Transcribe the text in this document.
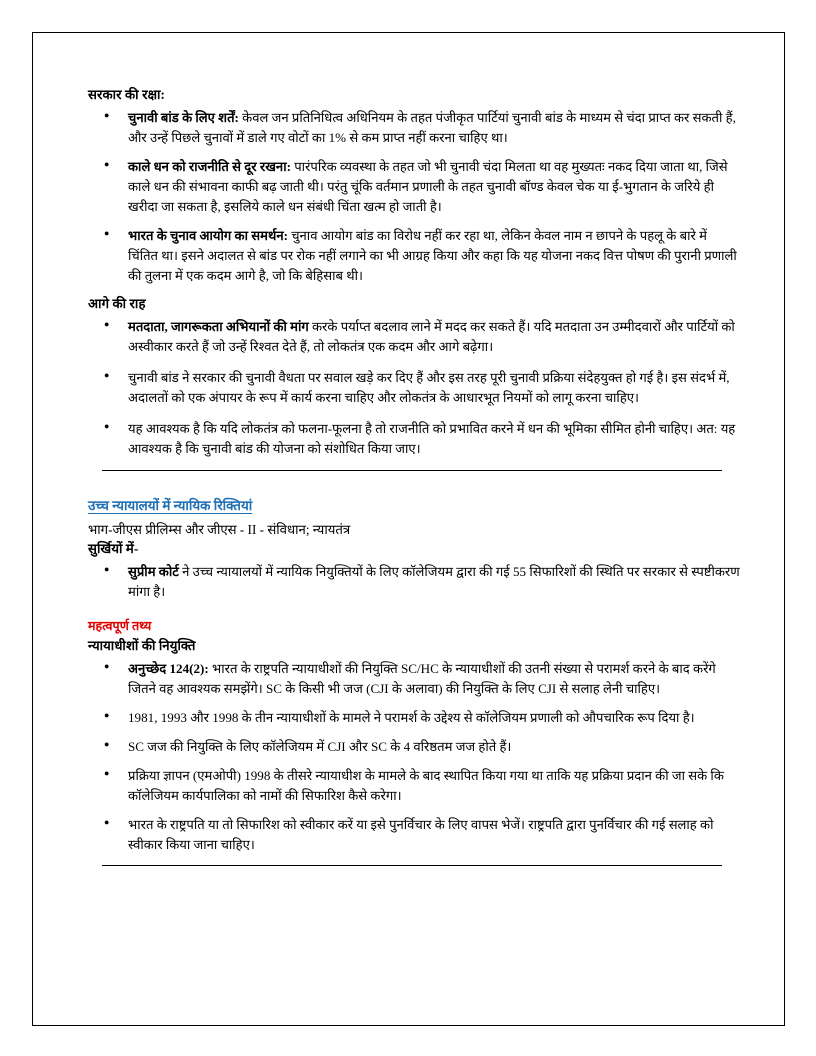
सरकार की रक्षा:
● चुनावी बांड के लिए शर्तें: केवल जन प्रतिनिधित्व अधिनियम के तहत पंजीकृत पार्टियां चुनावी बांड के माध्यम से चंदा प्राप्त कर सकती हैं, और उन्हें पिछले चुनावों में डाले गए वोटों का 1% से कम प्राप्त नहीं करना चाहिए था।
● काले धन को राजनीति से दूर रखना: पारंपरिक व्यवस्था के तहत जो भी चुनावी चंदा मिलता था वह मुख्यतः नकद दिया जाता था, जिसे काले धन की संभावना काफी बढ़ जाती थी। परंतु चूंकि वर्तमान प्रणाली के तहत चुनावी बॉण्ड केवल चेक या ई-भुगतान के जरिये ही खरीदा जा सकता है, इसलिये काले धन संबंधी चिंता खत्म हो जाती है।
● भारत के चुनाव आयोग का समर्थन: चुनाव आयोग बांड का विरोध नहीं कर रहा था, लेकिन केवल नाम न छापने के पहलू के बारे में चिंतित था। इसने अदालत से बांड पर रोक नहीं लगाने का भी आग्रह किया और कहा कि यह योजना नकद वित्त पोषण की पुरानी प्रणाली की तुलना में एक कदम आगे है, जो कि बेहिसाब थी।
आगे की राह
● मतदाता, जागरूकता अभियानों की मांग करके पर्याप्त बदलाव लाने में मदद कर सकते हैं। यदि मतदाता उन उम्मीदवारों और पार्टियों को अस्वीकार करते हैं जो उन्हें रिश्वत देते हैं, तो लोकतंत्र एक कदम और आगे बढ़ेगा।
● चुनावी बांड ने सरकार की चुनावी वैधता पर सवाल खड़े कर दिए हैं और इस तरह पूरी चुनावी प्रक्रिया संदेहयुक्त हो गई है। इस संदर्भ में, अदालतों को एक अंपायर के रूप में कार्य करना चाहिए और लोकतंत्र के आधारभूत नियमों को लागू करना चाहिए।
● यह आवश्यक है कि यदि लोकतंत्र को फलना-फूलना है तो राजनीति को प्रभावित करने में धन की भूमिका सीमित होनी चाहिए। अत: यह आवश्यक है कि चुनावी बांड की योजना को संशोधित किया जाए।
उच्च न्यायालयों में न्यायिक रिक्तियां
भाग-जीएस प्रीलिम्स और जीएस - II - संविधान; न्यायतंत्र
सुर्खियों में-
● सुप्रीम कोर्ट ने उच्च न्यायालयों में न्यायिक नियुक्तियों के लिए कॉलेजियम द्वारा की गई 55 सिफारिशों की स्थिति पर सरकार से स्पष्टीकरण मांगा है।
महत्वपूर्ण तथ्य
न्यायाधीशों की नियुक्ति
● अनुच्छेद 124(2): भारत के राष्ट्रपति न्यायाधीशों की नियुक्ति SC/HC के न्यायाधीशों की उतनी संख्या से परामर्श करने के बाद करेंगे जितने वह आवश्यक समझेंगे। SC के किसी भी जज (CJI के अलावा) की नियुक्ति के लिए CJI से सलाह लेनी चाहिए।
● 1981, 1993 और 1998 के तीन न्यायाधीशों के मामले ने परामर्श के उद्देश्य से कॉलेजियम प्रणाली को औपचारिक रूप दिया है।
● SC जज की नियुक्ति के लिए कॉलेजियम में CJI और SC के 4 वरिष्ठतम जज होते हैं।
● प्रक्रिया ज्ञापन (एमओपी) 1998 के तीसरे न्यायाधीश के मामले के बाद स्थापित किया गया था ताकि यह प्रक्रिया प्रदान की जा सके कि कॉलेजियम कार्यपालिका को नामों की सिफारिश कैसे करेगा।
● भारत के राष्ट्रपति या तो सिफारिश को स्वीकार करें या इसे पुनर्विचार के लिए वापस भेजें। राष्ट्रपति द्वारा पुनर्विचार की गई सलाह को स्वीकार किया जाना चाहिए।
